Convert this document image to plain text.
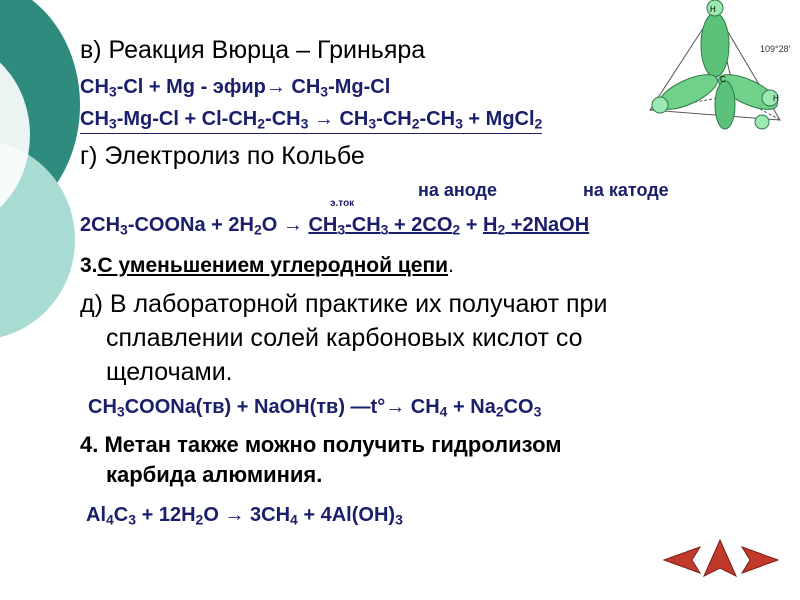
H
H
C
109°28'
в) Реакция Вюрца – Гриньяра
$CH_3-Cl + Mg$ - эфир→ $CH_3-Mg-Cl$
$CH_3-Mg-Cl + Cl-CH_2-CH_3 \to CH_3-CH_2-CH_3$ + MgCl$_2$
г) Электролиз по Кольбе
на аноде	на катоде
э.ток
$2CH_3$-COONa + $2H_2O \to CH_3-CH_3 + 2CO_2 + H_2$ +2NaOH
3.С уменьшением углеродной цепи.
д) В лабораторной практике их получают при
сплавлении солей карбоновых кислот со
щелочами.
$CH_3COONa(тв)$ + NaOH(тв) —t°→ $CH_4 + Na_2CO_3$
4. Метан также можно получить гидролизом
карбида алюминия.
$Al_4C_3 + 12H_2O \to 3CH_4 + 4Al(OH)_3$
